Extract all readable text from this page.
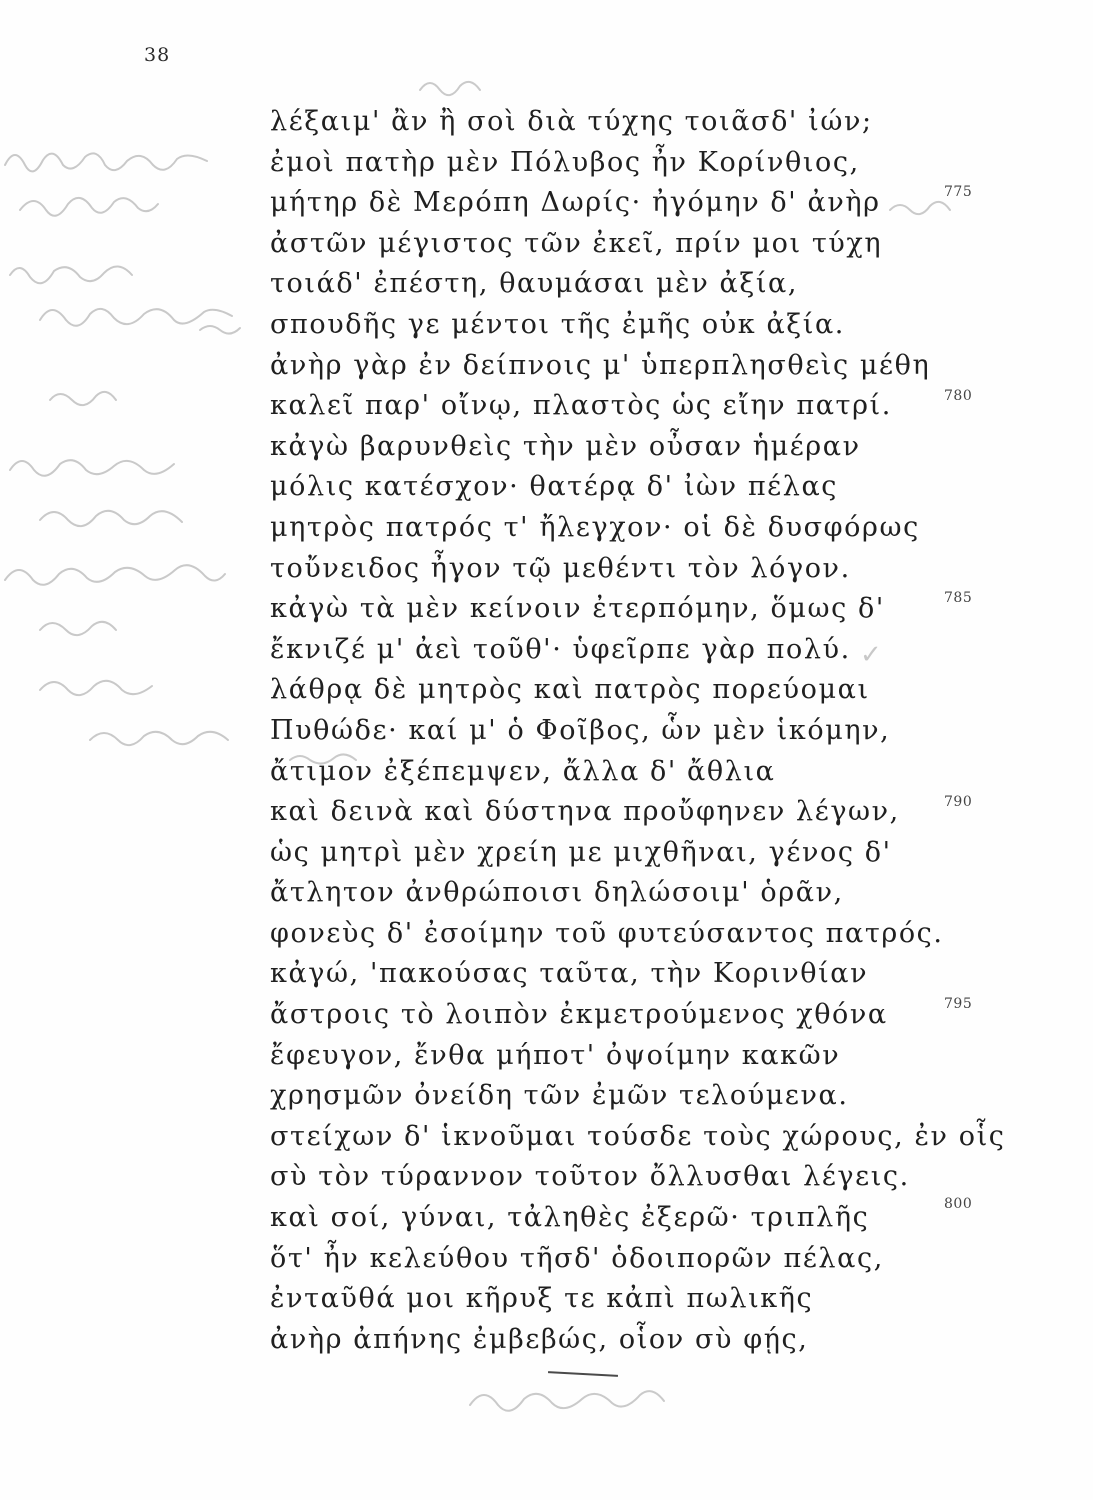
38
λέξαιμ' ἂν ἢ σοὶ διὰ τύχης τοιᾶσδ' ἰών;
ἐμοὶ πατὴρ μὲν Πόλυβος ἦν Κορίνθιος,
μήτηρ δὲ Μερόπη Δωρίς· ἠγόμην δ' ἀνὴρ
ἀστῶν μέγιστος τῶν ἐκεῖ, πρίν μοι τύχη
τοιάδ' ἐπέστη, θαυμάσαι μὲν ἀξία,
σπουδῆς γε μέντοι τῆς ἐμῆς οὐκ ἀξία.
ἀνὴρ γὰρ ἐν δείπνοις μ' ὑπερπλησθεὶς μέθη
καλεῖ παρ' οἴνῳ, πλαστὸς ὡς εἴην πατρί.
κἀγὼ βαρυνθεὶς τὴν μὲν οὖσαν ἡμέραν
μόλις κατέσχον· θατέρᾳ δ' ἰὼν πέλας
μητρὸς πατρός τ' ἤλεγχον· οἱ δὲ δυσφόρως
τοὔνειδος ἦγον τῷ μεθέντι τὸν λόγον.
κἀγὼ τὰ μὲν κείνοιν ἐτερπόμην, ὅμως δ'
ἔκνιζέ μ' ἀεὶ τοῦθ'· ὑφεῖρπε γὰρ πολύ.
λάθρᾳ δὲ μητρὸς καὶ πατρὸς πορεύομαι
Πυθώδε· καί μ' ὁ Φοῖβος, ὧν μὲν ἱκόμην,
ἄτιμον ἐξέπεμψεν, ἄλλα δ' ἄθλια
καὶ δεινὰ καὶ δύστηνα προὔφηνεν λέγων,
ὡς μητρὶ μὲν χρείη με μιχθῆναι, γένος δ'
ἄτλητον ἀνθρώποισι δηλώσοιμ' ὁρᾶν,
φονεὺς δ' ἐσοίμην τοῦ φυτεύσαντος πατρός.
κἀγώ, 'πακούσας ταῦτα, τὴν Κορινθίαν
ἄστροις τὸ λοιπὸν ἐκμετρούμενος χθόνα
ἔφευγον, ἔνθα μήποτ' ὀψοίμην κακῶν
χρησμῶν ὀνείδη τῶν ἐμῶν τελούμενα.
στείχων δ' ἱκνοῦμαι τούσδε τοὺς χώρους, ἐν οἷς
σὺ τὸν τύραννον τοῦτον ὄλλυσθαι λέγεις.
καὶ σοί, γύναι, τἀληθὲς ἐξερῶ· τριπλῆς
ὅτ' ἦν κελεύθου τῆσδ' ὁδοιπορῶν πέλας,
ἐνταῦθά μοι κῆρυξ τε κἀπὶ πωλικῆς
ἀνὴρ ἀπήνης ἐμβεβώς, οἷον σὺ φῄς,
775
780
785
790
795
800
✓
